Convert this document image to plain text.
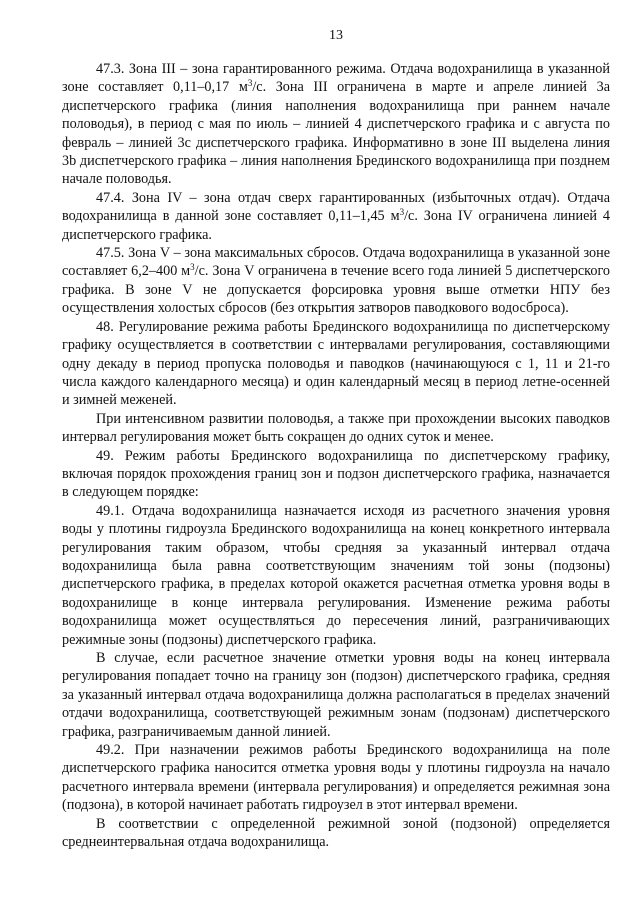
13

47.3. Зона III – зона гарантированного режима. Отдача водохранилища в указанной зоне составляет 0,11–0,17 $м^3/с$. Зона III ограничена в марте и апреле линией 3а диспетчерского графика (линия наполнения водохранилища при раннем начале половодья), в период с мая по июль – линией 4 диспетчерского графика и с августа по февраль – линией 3с диспетчерского графика. Информативно в зоне III выделена линия 3b диспетчерского графика – линия наполнения Брединского водохранилища при позднем начале половодья.

47.4. Зона IV – зона отдач сверх гарантированных (избыточных отдач). Отдача водохранилища в данной зоне составляет 0,11–1,45 $м^3/с$. Зона IV ограничена линией 4 диспетчерского графика.

47.5. Зона V – зона максимальных сбросов. Отдача водохранилища в указанной зоне составляет 6,2–400 $м^3/с$. Зона V ограничена в течение всего года линией 5 диспетчерского графика. В зоне V не допускается форсировка уровня выше отметки НПУ без осуществления холостых сбросов (без открытия затворов паводкового водосброса).

48. Регулирование режима работы Брединского водохранилища по диспетчерскому графику осуществляется в соответствии с интервалами регулирования, составляющими одну декаду в период пропуска половодья и паводков (начинающуюся с 1, 11 и 21-го числа каждого календарного месяца) и один календарный месяц в период летне-осенней и зимней меженей.

При интенсивном развитии половодья, а также при прохождении высоких паводков интервал регулирования может быть сокращен до одних суток и менее.

49. Режим работы Брединского водохранилища по диспетчерскому графику, включая порядок прохождения границ зон и подзон диспетчерского графика, назначается в следующем порядке:

49.1. Отдача водохранилища назначается исходя из расчетного значения уровня воды у плотины гидроузла Брединского водохранилища на конец конкретного интервала регулирования таким образом, чтобы средняя за указанный интервал отдача водохранилища была равна соответствующим значениям той зоны (подзоны) диспетчерского графика, в пределах которой окажется расчетная отметка уровня воды в водохранилище в конце интервала регулирования. Изменение режима работы водохранилища может осуществляться до пересечения линий, разграничивающих режимные зоны (подзоны) диспетчерского графика.

В случае, если расчетное значение отметки уровня воды на конец интервала регулирования попадает точно на границу зон (подзон) диспетчерского графика, средняя за указанный интервал отдача водохранилища должна располагаться в пределах значений отдачи водохранилища, соответствующей режимным зонам (подзонам) диспетчерского графика, разграничиваемым данной линией.

49.2. При назначении режимов работы Брединского водохранилища на поле диспетчерского графика наносится отметка уровня воды у плотины гидроузла на начало расчетного интервала времени (интервала регулирования) и определяется режимная зона (подзона), в которой начинает работать гидроузел в этот интервал времени.

В соответствии с определенной режимной зоной (подзоной) определяется среднеинтервальная отдача водохранилища.
